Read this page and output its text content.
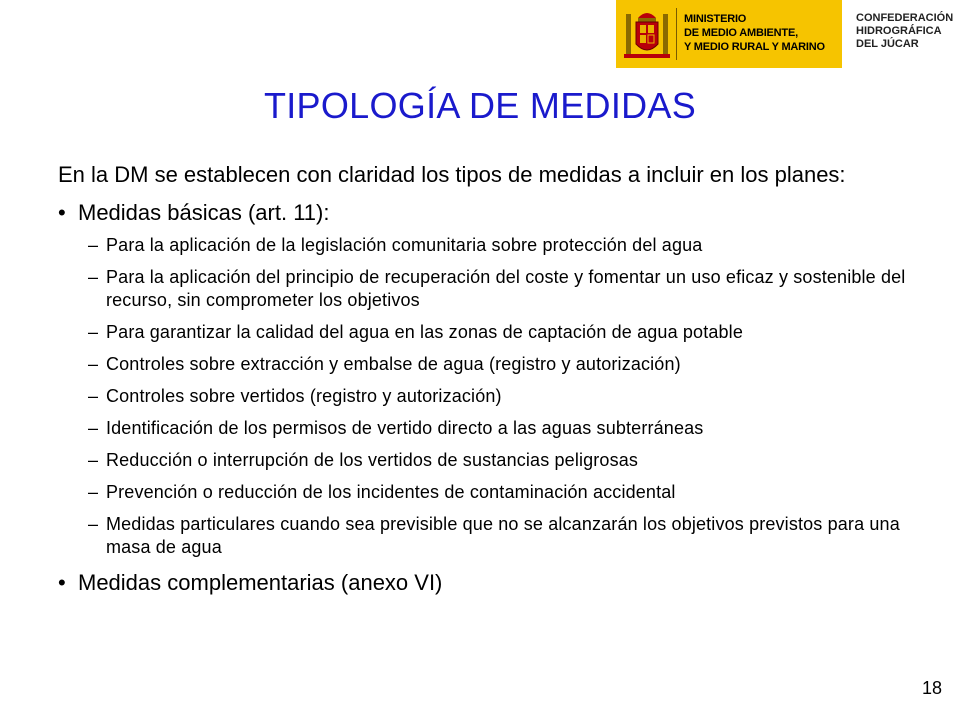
MINISTERIO
DE MEDIO AMBIENTE,
Y MEDIO RURAL Y MARINO
CONFEDERACIÓN
HIDROGRÁFICA
DEL JÚCAR
TIPOLOGÍA DE MEDIDAS

En la DM se establecen con claridad los tipos de medidas a incluir en los planes:

• Medidas básicas (art. 11):
– Para la aplicación de la legislación comunitaria sobre protección del agua
– Para la aplicación del principio de recuperación del coste y fomentar un uso eficaz y sostenible del recurso, sin comprometer los objetivos
– Para garantizar la calidad del agua en las zonas de captación de agua potable
– Controles sobre extracción y embalse de agua (registro y autorización)
– Controles sobre vertidos (registro y autorización)
– Identificación de los permisos de vertido directo a las aguas subterráneas
– Reducción o interrupción de los vertidos de sustancias peligrosas
– Prevención o reducción de los incidentes de contaminación accidental
– Medidas particulares cuando sea previsible que no se alcanzarán los objetivos previstos para una masa de agua
• Medidas complementarias (anexo VI)
18
